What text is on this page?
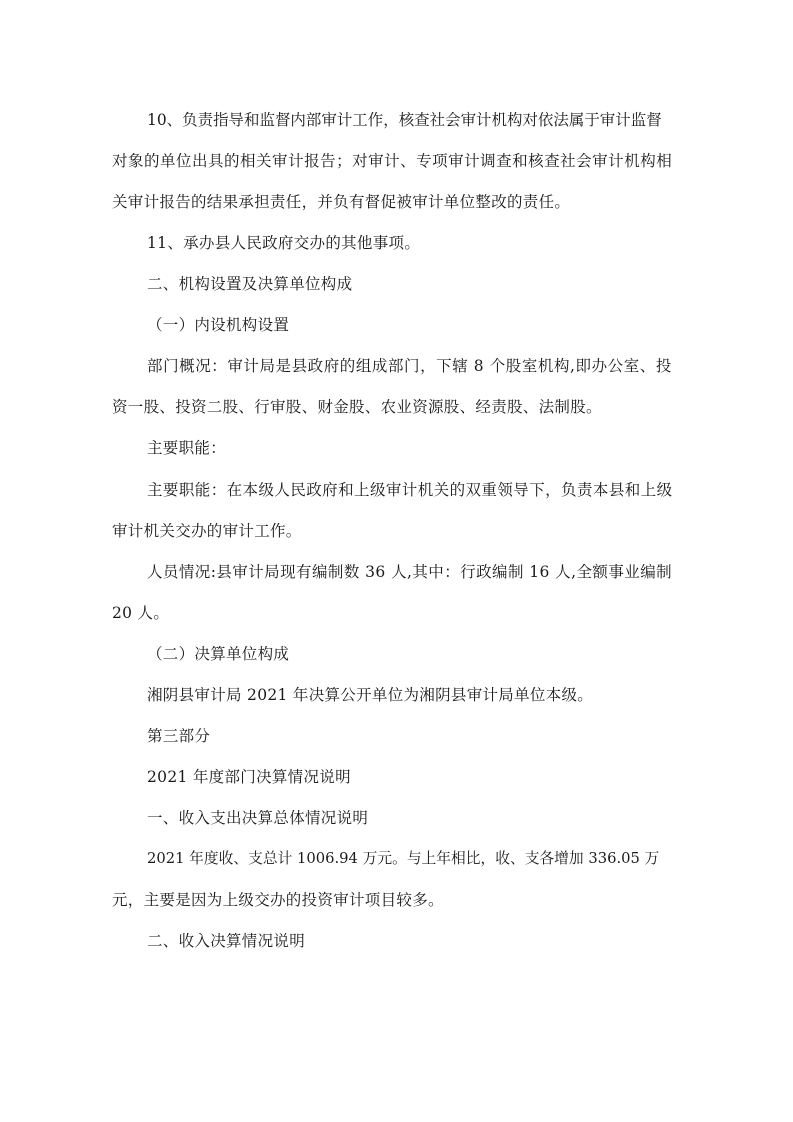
10、负责指导和监督内部审计工作，核查社会审计机构对依法属于审计监督
对象的单位出具的相关审计报告；对审计、专项审计调查和核查社会审计机构相
关审计报告的结果承担责任，并负有督促被审计单位整改的责任。
11、承办县人民政府交办的其他事项。
二、机构设置及决算单位构成
（一）内设机构设置
部门概况：审计局是县政府的组成部门，下辖 8 个股室机构,即办公室、投
资一股、投资二股、行审股、财金股、农业资源股、经责股、法制股。
主要职能：
主要职能：在本级人民政府和上级审计机关的双重领导下，负责本县和上级
审计机关交办的审计工作。
人员情况:县审计局现有编制数 36 人,其中：行政编制 16 人,全额事业编制
20 人。
（二）决算单位构成
湘阴县审计局 2021 年决算公开单位为湘阴县审计局单位本级。
第三部分
2021 年度部门决算情况说明
一、收入支出决算总体情况说明
2021 年度收、支总计 1006.94 万元。与上年相比，收、支各增加 336.05 万
元，主要是因为上级交办的投资审计项目较多。
二、收入决算情况说明
